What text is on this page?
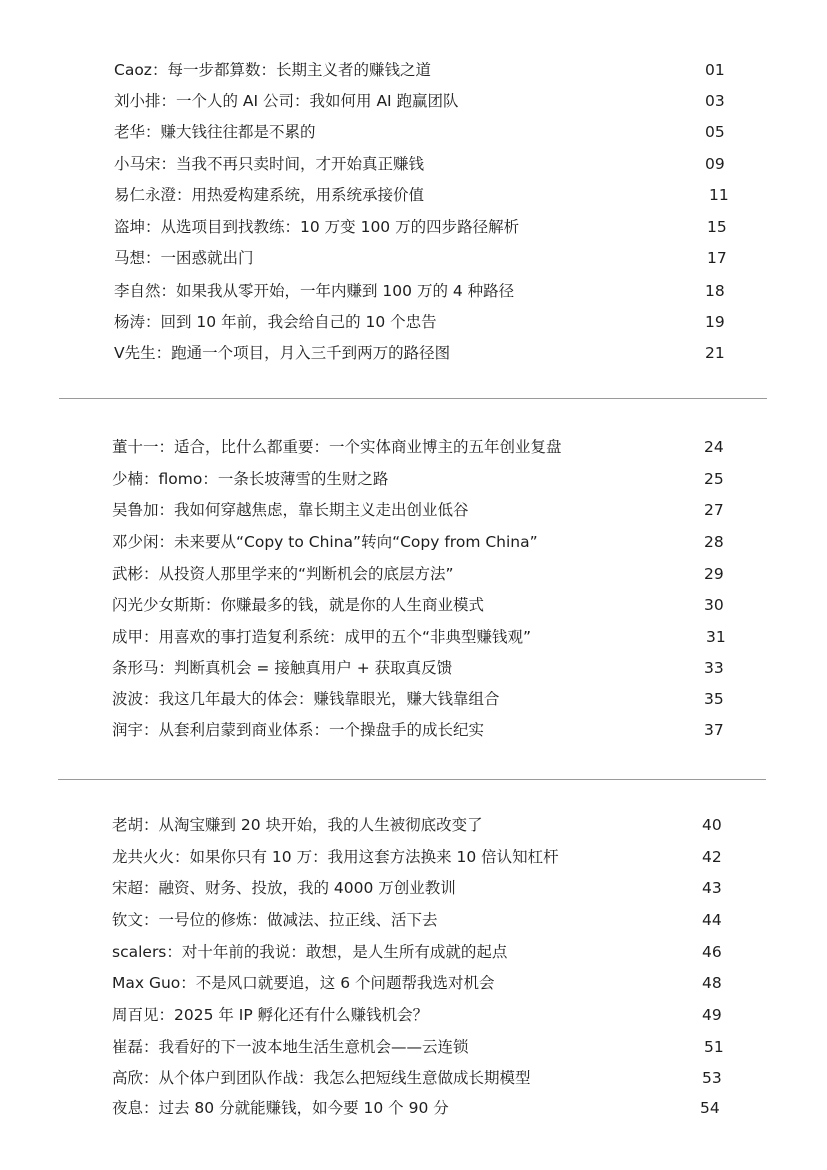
Caoz：每一步都算数：长期主义者的赚钱之道	01
刘小排：一个人的 AI 公司：我如何用 AI 跑赢团队	03
老华：赚大钱往往都是不累的	05
小马宋：当我不再只卖时间，才开始真正赚钱	09
易仁永澄：用热爱构建系统，用系统承接价值	11
盗坤：从选项目到找教练：10 万变 100 万的四步路径解析	15
马想：一困惑就出门	17
李自然：如果我从零开始，一年内赚到 100 万的 4 种路径	18
杨涛：回到 10 年前，我会给自己的 10 个忠告	19
V先生：跑通一个项目，月入三千到两万的路径图	21
董十一：适合，比什么都重要：一个实体商业博主的五年创业复盘	24
少楠：flomo：一条长坡薄雪的生财之路	25
吴鲁加：我如何穿越焦虑，靠长期主义走出创业低谷	27
邓少闲：未来要从“Copy to China”转向“Copy from China”	28
武彬：从投资人那里学来的“判断机会的底层方法”	29
闪光少女斯斯：你赚最多的钱，就是你的人生商业模式	30
成甲：用喜欢的事打造复利系统：成甲的五个“非典型赚钱观”	31
条形马：判断真机会 = 接触真用户 + 获取真反馈	33
波波：我这几年最大的体会：赚钱靠眼光，赚大钱靠组合	35
润宇：从套利启蒙到商业体系：一个操盘手的成长纪实	37
老胡：从淘宝赚到 20 块开始，我的人生被彻底改变了	40
龙共火火：如果你只有 10 万：我用这套方法换来 10 倍认知杠杆	42
宋超：融资、财务、投放，我的 4000 万创业教训	43
钦文：一号位的修炼：做减法、拉正线、活下去	44
scalers：对十年前的我说：敢想，是人生所有成就的起点	46
Max Guo：不是风口就要追，这 6 个问题帮我选对机会	48
周百见：2025 年 IP 孵化还有什么赚钱机会？	49
崔磊：我看好的下一波本地生活生意机会——云连锁	51
高欣：从个体户到团队作战：我怎么把短线生意做成长期模型	53
夜息：过去 80 分就能赚钱，如今要 10 个 90 分	54
